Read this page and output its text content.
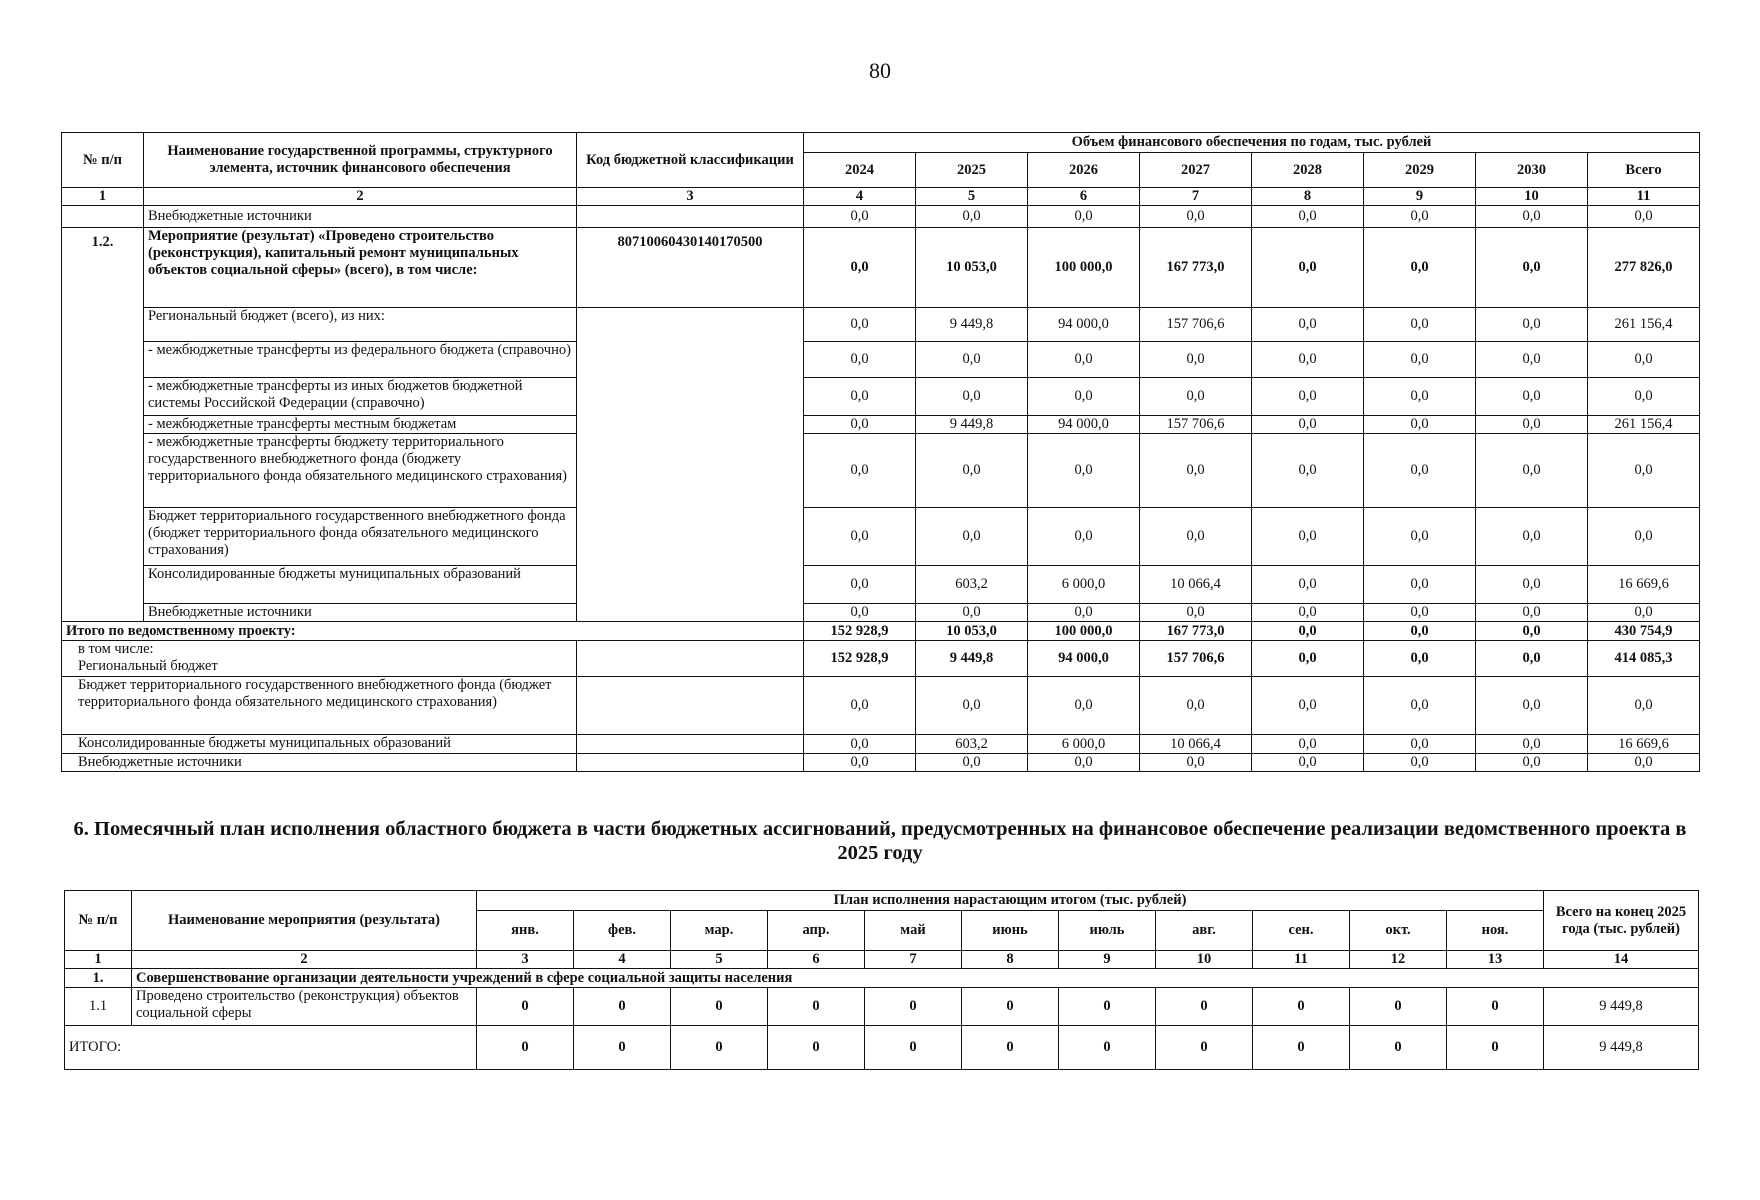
80
№ п/п	Наименование государственной программы, структурного элемента, источник финансового обеспечения	Код бюджетной классификации	Объем финансового обеспечения по годам, тыс. рублей							
			2024	2025	2026	2027	2028	2029	2030	Всего
1	2	3	4	5	6	7	8	9	10	11
	Внебюджетные источники		0,0	0,0	0,0	0,0	0,0	0,0	0,0	0,0
1.2.	Мероприятие (результат) «Проведено строительство (реконструкция), капитальный ремонт муниципальных объектов социальной сферы» (всего), в том числе:	80710060430140170500	0,0	10 053,0	100 000,0	167 773,0	0,0	0,0	0,0	277 826,0
	Региональный бюджет (всего), из них:		0,0	9 449,8	94 000,0	157 706,6	0,0	0,0	0,0	261 156,4
	- межбюджетные трансферты из федерального бюджета (справочно)		0,0	0,0	0,0	0,0	0,0	0,0	0,0	0,0
	- межбюджетные трансферты из иных бюджетов бюджетной системы Российской Федерации (справочно)		0,0	0,0	0,0	0,0	0,0	0,0	0,0	0,0
	- межбюджетные трансферты местным бюджетам		0,0	9 449,8	94 000,0	157 706,6	0,0	0,0	0,0	261 156,4
	- межбюджетные трансферты бюджету территориального государственного внебюджетного фонда (бюджету территориального фонда обязательного медицинского страхования)		0,0	0,0	0,0	0,0	0,0	0,0	0,0	0,0
	Бюджет территориального государственного внебюджетного фонда (бюджет территориального фонда обязательного медицинского страхования)		0,0	0,0	0,0	0,0	0,0	0,0	0,0	0,0
	Консолидированные бюджеты муниципальных образований		0,0	603,2	6 000,0	10 066,4	0,0	0,0	0,0	16 669,6
	Внебюджетные источники		0,0	0,0	0,0	0,0	0,0	0,0	0,0	0,0
Итого по ведомственному проекту:			152 928,9	10 053,0	100 000,0	167 773,0	0,0	0,0	0,0	430 754,9
в том числе:
Региональный бюджет			152 928,9	9 449,8	94 000,0	157 706,6	0,0	0,0	0,0	414 085,3
Бюджет территориального государственного внебюджетного фонда (бюджет территориального фонда обязательного медицинского страхования)			0,0	0,0	0,0	0,0	0,0	0,0	0,0	0,0
Консолидированные бюджеты муниципальных образований			0,0	603,2	6 000,0	10 066,4	0,0	0,0	0,0	16 669,6
Внебюджетные источники			0,0	0,0	0,0	0,0	0,0	0,0	0,0	0,0
6. Помесячный план исполнения областного бюджета в части бюджетных ассигнований, предусмотренных на финансовое обеспечение реализации ведомственного проекта в 2025 году
№ п/п	Наименование мероприятия (результата)	План исполнения нарастающим итогом (тыс. рублей)											Всего на конец 2025 года (тыс. рублей)
		янв.	фев.	мар.	апр.	май	июнь	июль	авг.	сен.	окт.	ноя.	
1	2	3	4	5	6	7	8	9	10	11	12	13	14
1.	Совершенствование организации деятельности учреждений в сфере социальной защиты населения												
1.1	Проведено строительство (реконструкция) объектов социальной сферы	0	0	0	0	0	0	0	0	0	0	0	9 449,8
ИТОГО:		0	0	0	0	0	0	0	0	0	0	0	9 449,8
